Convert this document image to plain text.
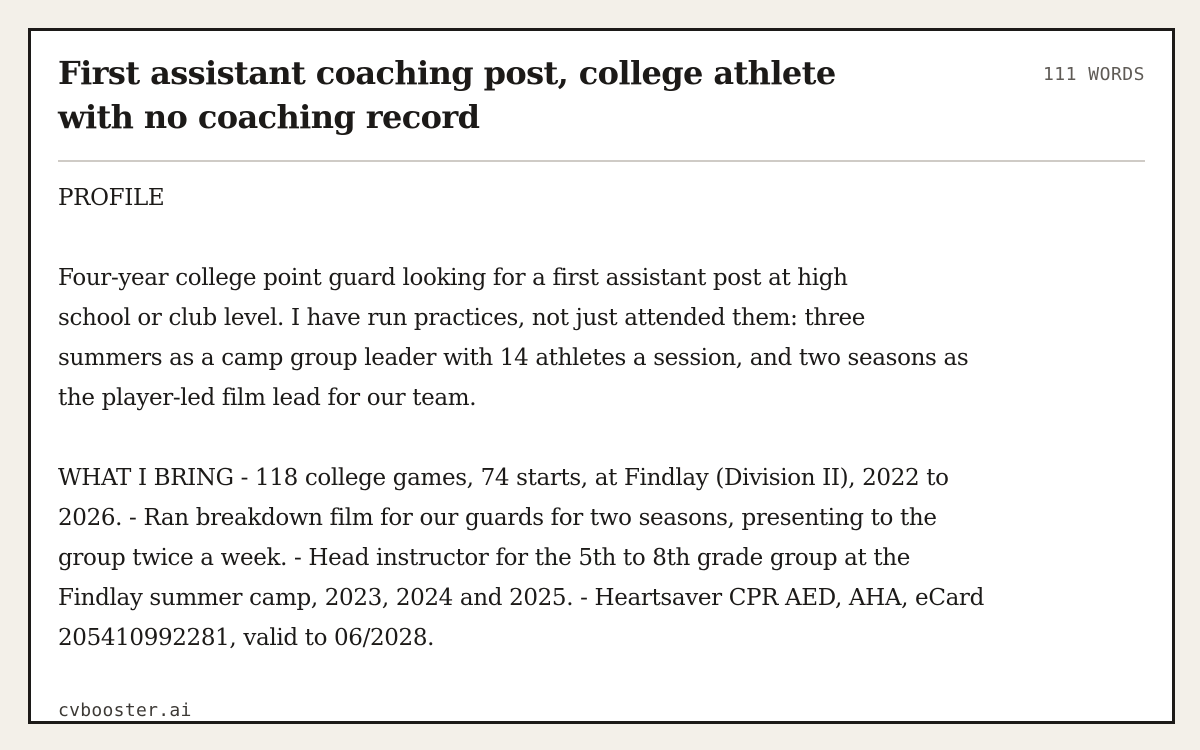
First assistant coaching post, college athlete with no coaching record
111 WORDS

PROFILE

Four-year college point guard looking for a first assistant post at high
school or club level. I have run practices, not just attended them: three
summers as a camp group leader with 14 athletes a session, and two seasons as
the player-led film lead for our team.

WHAT I BRING - 118 college games, 74 starts, at Findlay (Division II), 2022 to
2026. - Ran breakdown film for our guards for two seasons, presenting to the
group twice a week. - Head instructor for the 5th to 8th grade group at the
Findlay summer camp, 2023, 2024 and 2025. - Heartsaver CPR AED, AHA, eCard
205410992281, valid to 06/2028.

cvbooster.ai
